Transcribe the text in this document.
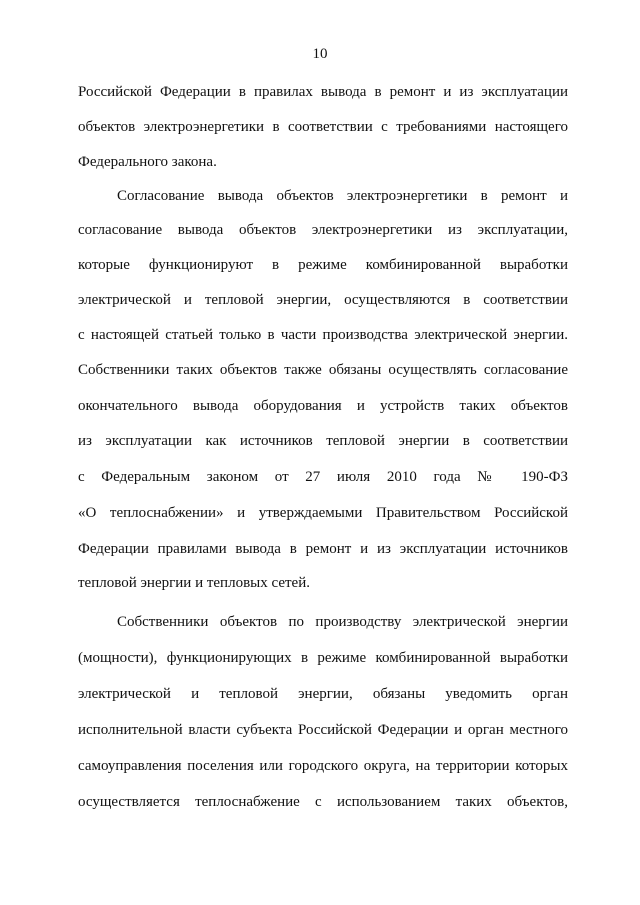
10
Российской Федерации в правилах вывода в ремонт и из эксплуатации
объектов электроэнергетики в соответствии с требованиями настоящего
Федерального закона.
Согласование вывода объектов электроэнергетики в ремонт и
согласование вывода объектов электроэнергетики из эксплуатации,
которые функционируют в режиме комбинированной выработки
электрической и тепловой энергии, осуществляются в соответствии
с настоящей статьей только в части производства электрической энергии.
Собственники таких объектов также обязаны осуществлять согласование
окончательного вывода оборудования и устройств таких объектов
из эксплуатации как источников тепловой энергии в соответствии
с Федеральным законом от 27 июля 2010 года № 190-ФЗ
«О теплоснабжении» и утверждаемыми Правительством Российской
Федерации правилами вывода в ремонт и из эксплуатации источников
тепловой энергии и тепловых сетей.
Собственники объектов по производству электрической энергии
(мощности), функционирующих в режиме комбинированной выработки
электрической и тепловой энергии, обязаны уведомить орган
исполнительной власти субъекта Российской Федерации и орган местного
самоуправления поселения или городского округа, на территории которых
осуществляется теплоснабжение с использованием таких объектов,
